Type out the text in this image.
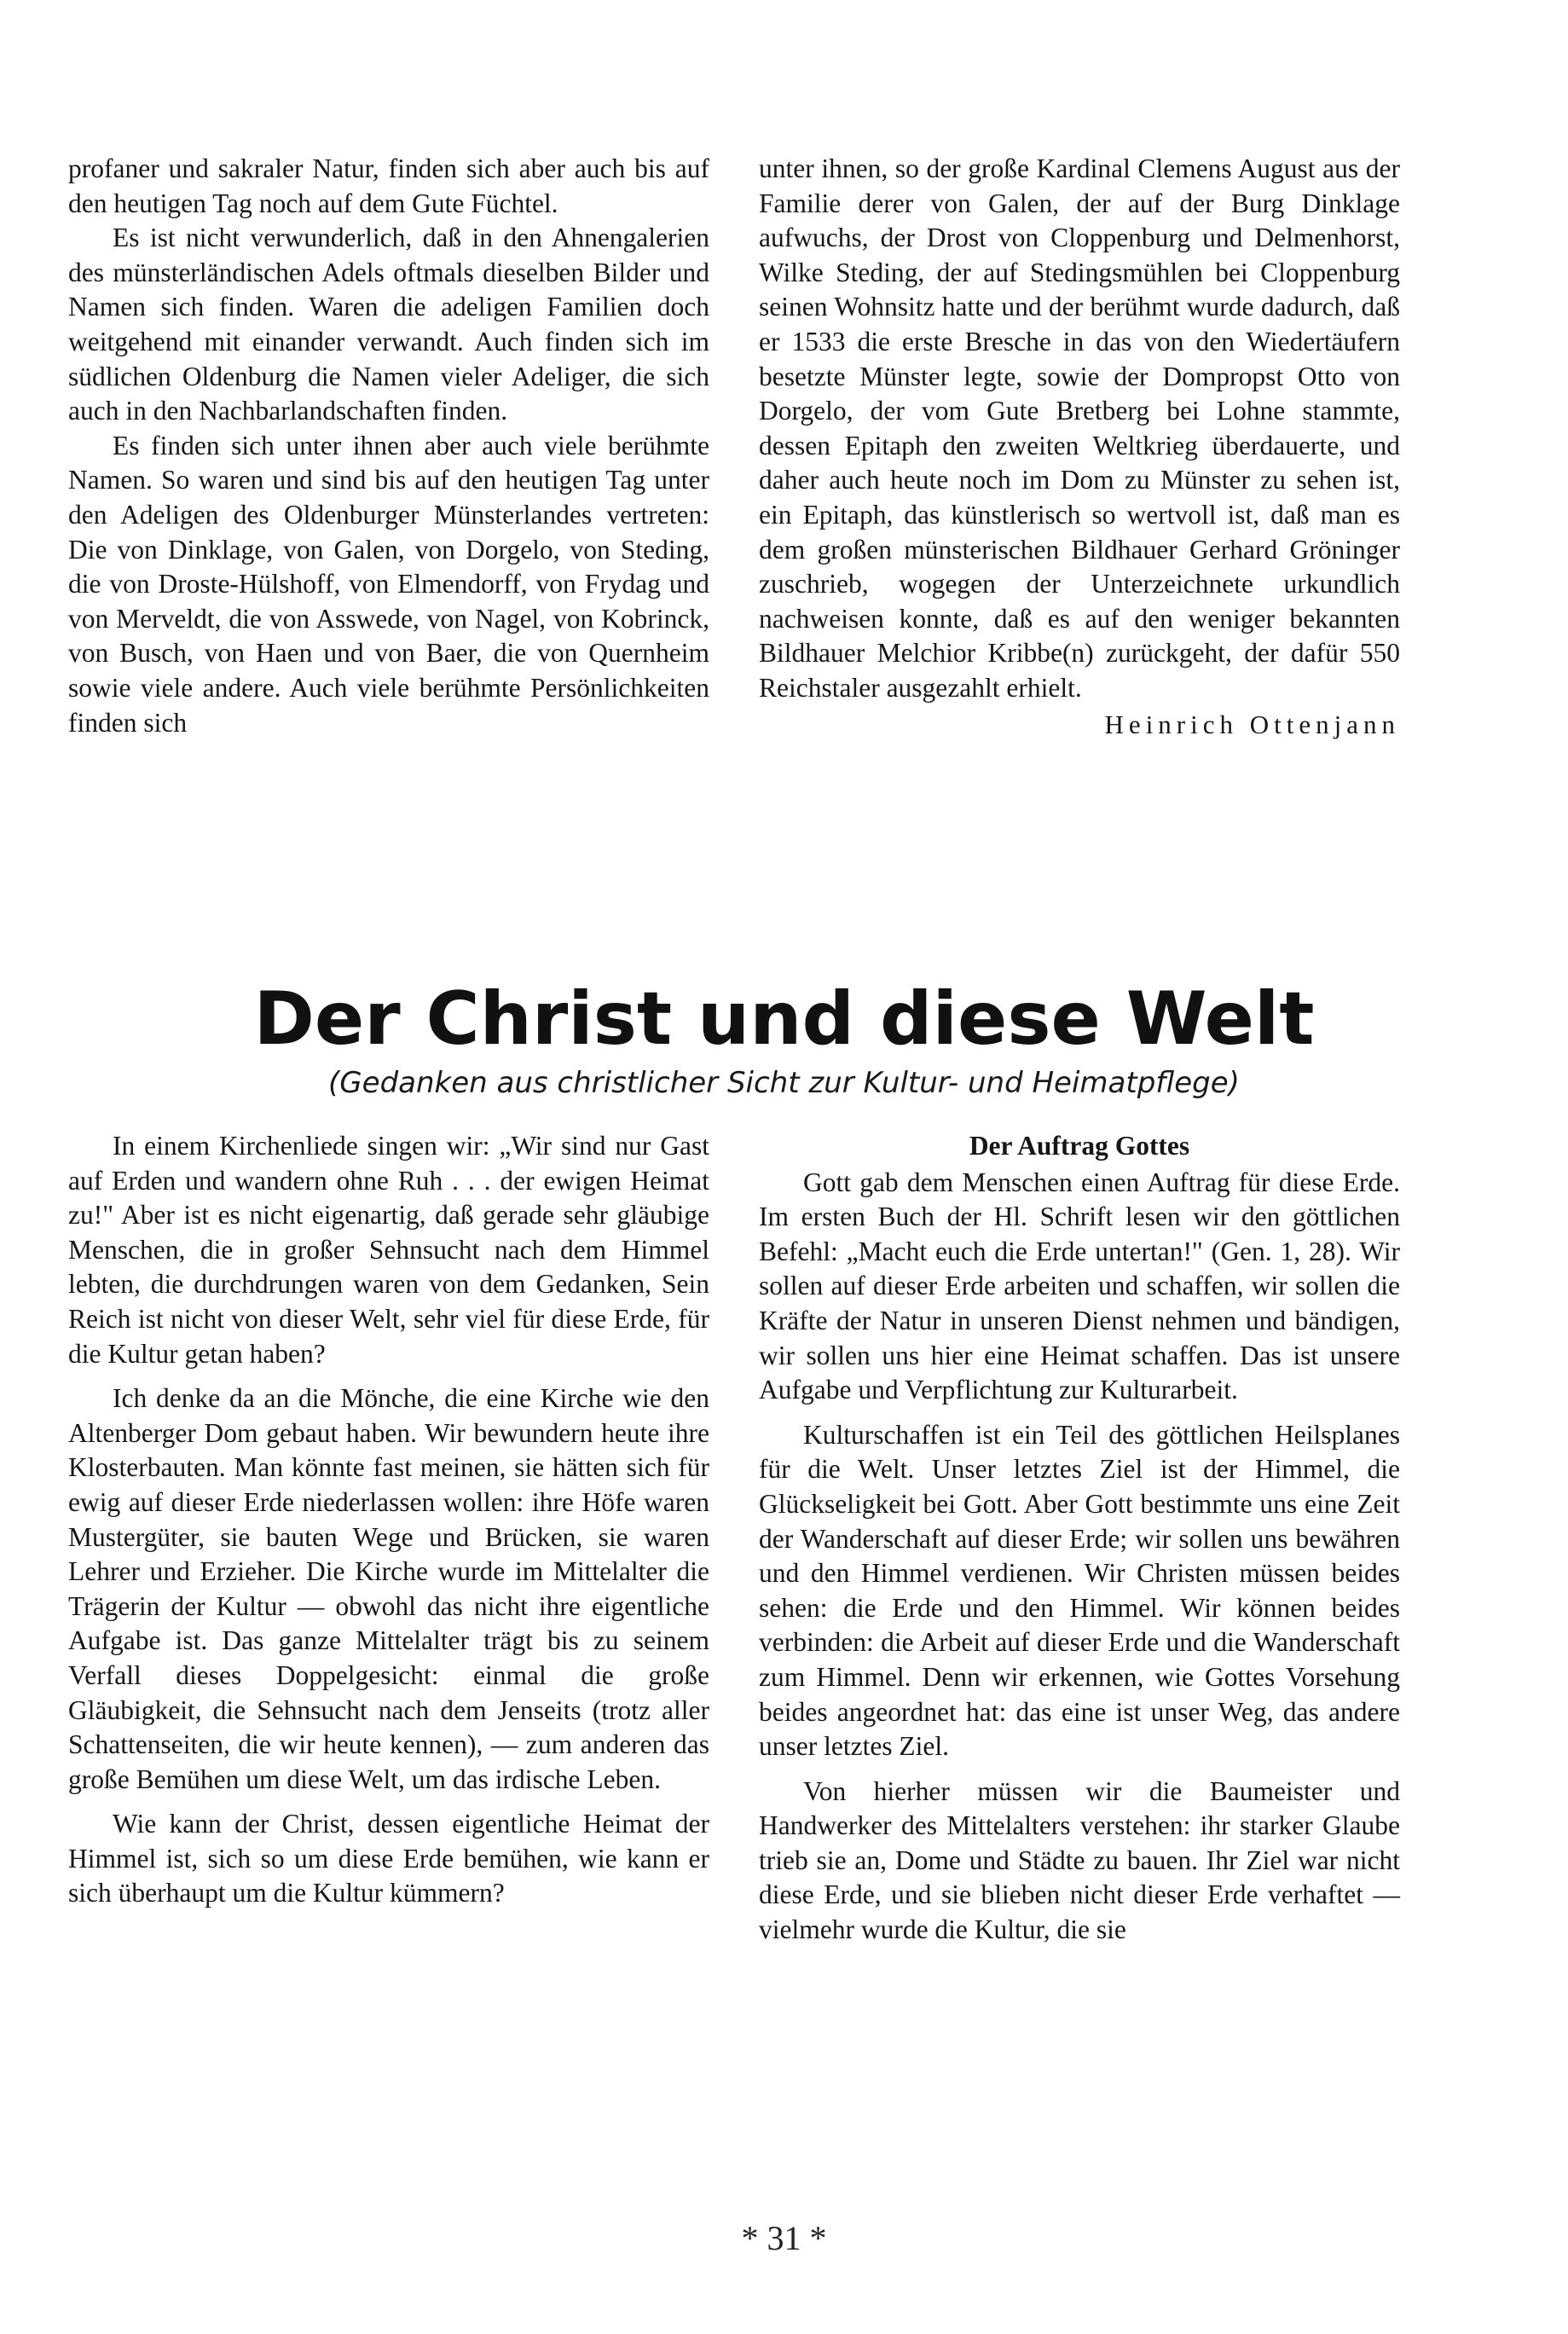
profaner und sakraler Natur, finden sich aber auch bis auf den heutigen Tag noch auf dem Gute Füchtel.

Es ist nicht verwunderlich, daß in den Ahnengalerien des münsterländischen Adels oftmals dieselben Bilder und Namen sich finden. Waren die adeligen Familien doch weitgehend mit einander verwandt. Auch finden sich im südlichen Oldenburg die Namen vieler Adeliger, die sich auch in den Nachbarlandschaften finden.

Es finden sich unter ihnen aber auch viele berühmte Namen. So waren und sind bis auf den heutigen Tag unter den Adeligen des Oldenburger Münsterlandes vertreten: Die von Dinklage, von Galen, von Dorgelo, von Steding, die von Droste-Hülshoff, von Elmendorff, von Frydag und von Merveldt, die von Asswede, von Nagel, von Kobrinck, von Busch, von Haen und von Baer, die von Quernheim sowie viele andere. Auch viele berühmte Persönlichkeiten finden sich

unter ihnen, so der große Kardinal Clemens August aus der Familie derer von Galen, der auf der Burg Dinklage aufwuchs, der Drost von Cloppenburg und Delmenhorst, Wilke Steding, der auf Stedingsmühlen bei Cloppenburg seinen Wohnsitz hatte und der berühmt wurde dadurch, daß er 1533 die erste Bresche in das von den Wiedertäufern besetzte Münster legte, sowie der Dompropst Otto von Dorgelo, der vom Gute Bretberg bei Lohne stammte, dessen Epitaph den zweiten Weltkrieg überdauerte, und daher auch heute noch im Dom zu Münster zu sehen ist, ein Epitaph, das künstlerisch so wertvoll ist, daß man es dem großen münsterischen Bildhauer Gerhard Gröninger zuschrieb, wogegen der Unterzeichnete urkundlich nachweisen konnte, daß es auf den weniger bekannten Bildhauer Melchior Kribbe(n) zurückgeht, der dafür 550 Reichstaler ausgezahlt erhielt.

Heinrich Ottenjann
Der Christ und diese Welt
(Gedanken aus christlicher Sicht zur Kultur- und Heimatpflege)

In einem Kirchenliede singen wir: „Wir sind nur Gast auf Erden und wandern ohne Ruh . . . der ewigen Heimat zu!" Aber ist es nicht eigenartig, daß gerade sehr gläubige Menschen, die in großer Sehnsucht nach dem Himmel lebten, die durchdrungen waren von dem Gedanken, Sein Reich ist nicht von dieser Welt, sehr viel für diese Erde, für die Kultur getan haben?

Ich denke da an die Mönche, die eine Kirche wie den Altenberger Dom gebaut haben. Wir bewundern heute ihre Klosterbauten. Man könnte fast meinen, sie hätten sich für ewig auf dieser Erde niederlassen wollen: ihre Höfe waren Mustergüter, sie bauten Wege und Brücken, sie waren Lehrer und Erzieher. Die Kirche wurde im Mittelalter die Trägerin der Kultur — obwohl das nicht ihre eigentliche Aufgabe ist. Das ganze Mittelalter trägt bis zu seinem Verfall dieses Doppelgesicht: einmal die große Gläubigkeit, die Sehnsucht nach dem Jenseits (trotz aller Schattenseiten, die wir heute kennen), — zum anderen das große Bemühen um diese Welt, um das irdische Leben.

Wie kann der Christ, dessen eigentliche Heimat der Himmel ist, sich so um diese Erde bemühen, wie kann er sich überhaupt um die Kultur kümmern?

Der Auftrag Gottes

Gott gab dem Menschen einen Auftrag für diese Erde. Im ersten Buch der Hl. Schrift lesen wir den göttlichen Befehl: „Macht euch die Erde untertan!" (Gen. 1, 28). Wir sollen auf dieser Erde arbeiten und schaffen, wir sollen die Kräfte der Natur in unseren Dienst nehmen und bändigen, wir sollen uns hier eine Heimat schaffen. Das ist unsere Aufgabe und Verpflichtung zur Kulturarbeit.

Kulturschaffen ist ein Teil des göttlichen Heilsplanes für die Welt. Unser letztes Ziel ist der Himmel, die Glückseligkeit bei Gott. Aber Gott bestimmte uns eine Zeit der Wanderschaft auf dieser Erde; wir sollen uns bewähren und den Himmel verdienen. Wir Christen müssen beides sehen: die Erde und den Himmel. Wir können beides verbinden: die Arbeit auf dieser Erde und die Wanderschaft zum Himmel. Denn wir erkennen, wie Gottes Vorsehung beides angeordnet hat: das eine ist unser Weg, das andere unser letztes Ziel.

Von hierher müssen wir die Baumeister und Handwerker des Mittelalters verstehen: ihr starker Glaube trieb sie an, Dome und Städte zu bauen. Ihr Ziel war nicht diese Erde, und sie blieben nicht dieser Erde verhaftet — vielmehr wurde die Kultur, die sie

* 31 *
